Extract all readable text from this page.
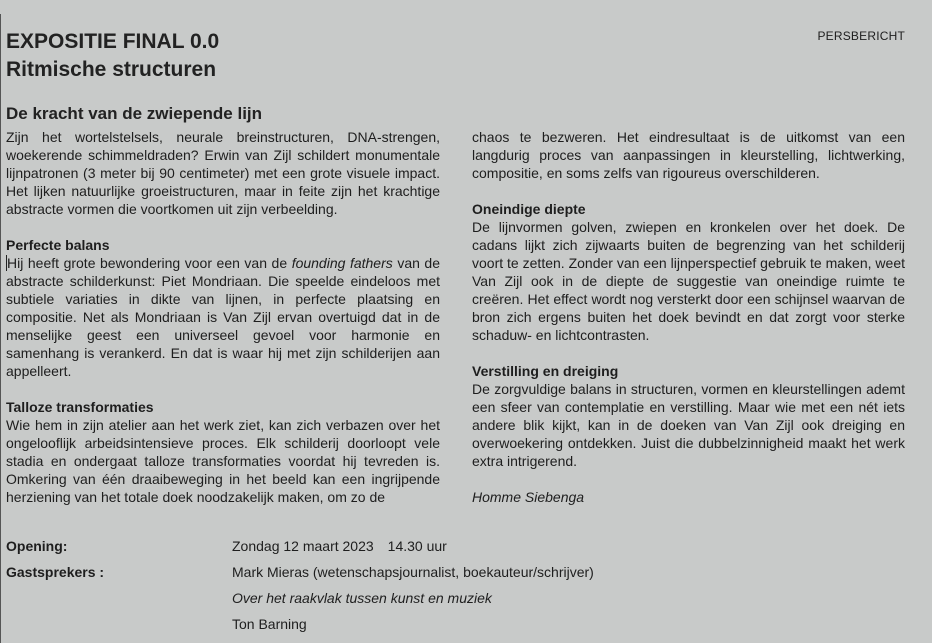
PERSBERICHT
EXPOSITIE FINAL 0.0
Ritmische structuren
De kracht van de zwiepende lijn

Zijn het wortelstelsels, neurale breinstructuren, DNA-strengen, woekerende schimmeldraden? Erwin van Zijl schildert monumentale lijnpatronen (3 meter bij 90 centimeter) met een grote visuele impact. Het lijken natuurlijke groeistructuren, maar in feite zijn het krachtige abstracte vormen die voortkomen uit zijn verbeelding.

Perfecte balans

Hij heeft grote bewondering voor een van de founding fathers van de abstracte schilderkunst: Piet Mondriaan. Die speelde eindeloos met subtiele variaties in dikte van lijnen, in perfecte plaatsing en compositie. Net als Mondriaan is Van Zijl ervan overtuigd dat in de menselijke geest een universeel gevoel voor harmonie en samenhang is verankerd. En dat is waar hij met zijn schilderijen aan appelleert.

Talloze transformaties

Wie hem in zijn atelier aan het werk ziet, kan zich verbazen over het ongelooflijk arbeidsintensieve proces. Elk schilderij doorloopt vele stadia en ondergaat talloze transformaties voordat hij tevreden is. Omkering van één draaibeweging in het beeld kan een ingrijpende herziening van het totale doek noodzakelijk maken, om zo de

chaos te bezweren. Het eindresultaat is de uitkomst van een langdurig proces van aanpassingen in kleurstelling, lichtwerking, compositie, en soms zelfs van rigoureus overschilderen.

Oneindige diepte

De lijnvormen golven, zwiepen en kronkelen over het doek. De cadans lijkt zich zijwaarts buiten de begrenzing van het schilderij voort te zetten. Zonder van een lijnperspectief gebruik te maken, weet Van Zijl ook in de diepte de suggestie van oneindige ruimte te creëren. Het effect wordt nog versterkt door een schijnsel waarvan de bron zich ergens buiten het doek bevindt en dat zorgt voor sterke schaduw- en lichtcontrasten.

Verstilling en dreiging

De zorgvuldige balans in structuren, vormen en kleurstellingen ademt een sfeer van contemplatie en verstilling. Maar wie met een nét iets andere blik kijkt, kan in de doeken van Van Zijl ook dreiging en overwoekering ontdekken. Juist die dubbelzinnigheid maakt het werk extra intrigerend.

Homme Siebenga

Opening:	Zondag 12 maart 2023 14.30 uur
Gastsprekers :	Mark Mieras (wetenschapsjournalist, boekauteur/schrijver)
Over het raakvlak tussen kunst en muziek
Ton Barning
